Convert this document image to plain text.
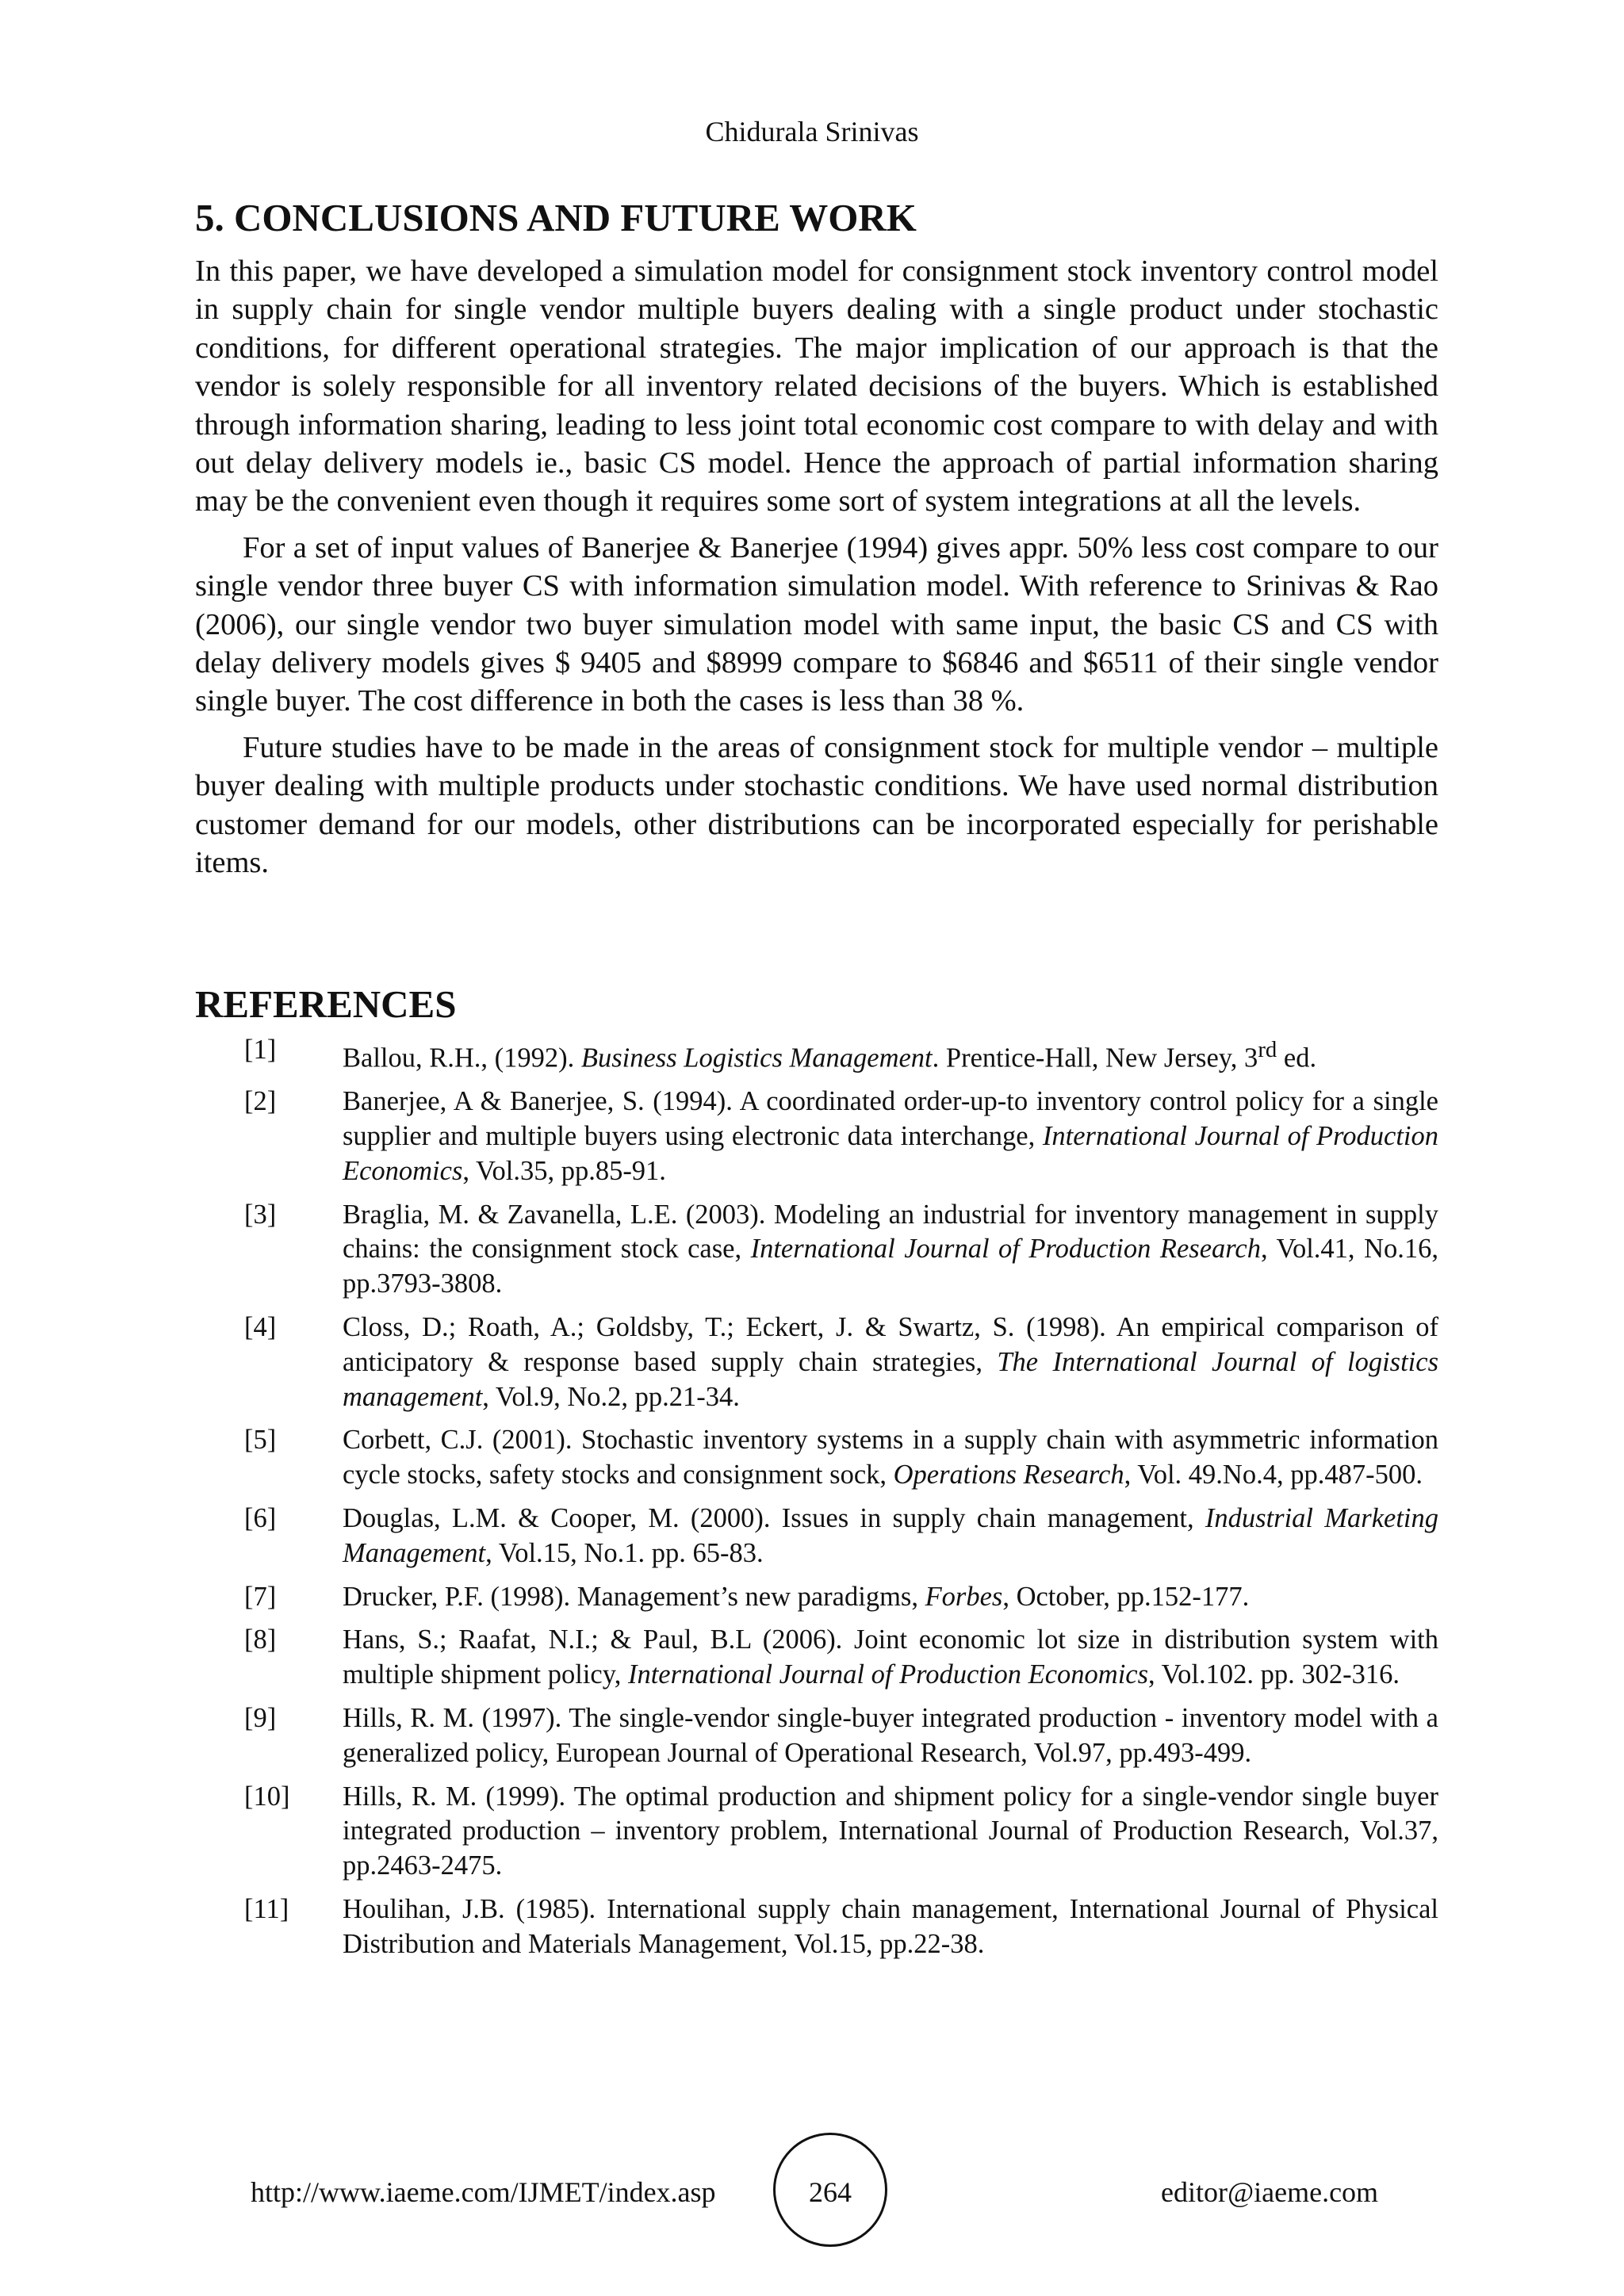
Chidurala Srinivas
5. CONCLUSIONS AND FUTURE WORK

In this paper, we have developed a simulation model for consignment stock inventory control model in supply chain for single vendor multiple buyers dealing with a single product under stochastic conditions, for different operational strategies. The major implication of our approach is that the vendor is solely responsible for all inventory related decisions of the buyers. Which is established through information sharing, leading to less joint total economic cost compare to with delay and with out delay delivery models ie., basic CS model. Hence the approach of partial information sharing may be the convenient even though it requires some sort of system integrations at all the levels.

For a set of input values of Banerjee & Banerjee (1994) gives appr. 50% less cost compare to our single vendor three buyer CS with information simulation model. With reference to Srinivas & Rao (2006), our single vendor two buyer simulation model with same input, the basic CS and CS with delay delivery models gives $ 9405 and $8999 compare to $6846 and $6511 of their single vendor single buyer. The cost difference in both the cases is less than 38 %.

Future studies have to be made in the areas of consignment stock for multiple vendor – multiple buyer dealing with multiple products under stochastic conditions. We have used normal distribution customer demand for our models, other distributions can be incorporated especially for perishable items.

REFERENCES
[1]	Ballou, R.H., (1992). Business Logistics Management. Prentice-Hall, New Jersey, 3rd ed.
[2]	Banerjee, A & Banerjee, S. (1994). A coordinated order-up-to inventory control policy for a single supplier and multiple buyers using electronic data interchange, International Journal of Production Economics, Vol.35, pp.85-91.
[3]	Braglia, M. & Zavanella, L.E. (2003). Modeling an industrial for inventory management in supply chains: the consignment stock case, International Journal of Production Research, Vol.41, No.16, pp.3793-3808.
[4]	Closs, D.; Roath, A.; Goldsby, T.; Eckert, J. & Swartz, S. (1998). An empirical comparison of anticipatory & response based supply chain strategies, The International Journal of logistics management, Vol.9, No.2, pp.21-34.
[5]	Corbett, C.J. (2001). Stochastic inventory systems in a supply chain with asymmetric information cycle stocks, safety stocks and consignment sock, Operations Research, Vol. 49.No.4, pp.487-500.
[6]	Douglas, L.M. & Cooper, M. (2000). Issues in supply chain management, Industrial Marketing Management, Vol.15, No.1. pp. 65-83.
[7]	Drucker, P.F. (1998). Management’s new paradigms, Forbes, October, pp.152-177.
[8]	Hans, S.; Raafat, N.I.; & Paul, B.L (2006). Joint economic lot size in distribution system with multiple shipment policy, International Journal of Production Economics, Vol.102. pp. 302-316.
[9]	Hills, R. M. (1997). The single-vendor single-buyer integrated production - inventory model with a generalized policy, European Journal of Operational Research, Vol.97, pp.493-499.
[10]	Hills, R. M. (1999). The optimal production and shipment policy for a single-vendor single buyer integrated production – inventory problem, International Journal of Production Research, Vol.37, pp.2463-2475.
[11]	Houlihan, J.B. (1985). International supply chain management, International Journal of Physical Distribution and Materials Management, Vol.15, pp.22-38.
http://www.iaeme.com/IJMET/index.asp	264	editor@iaeme.com
